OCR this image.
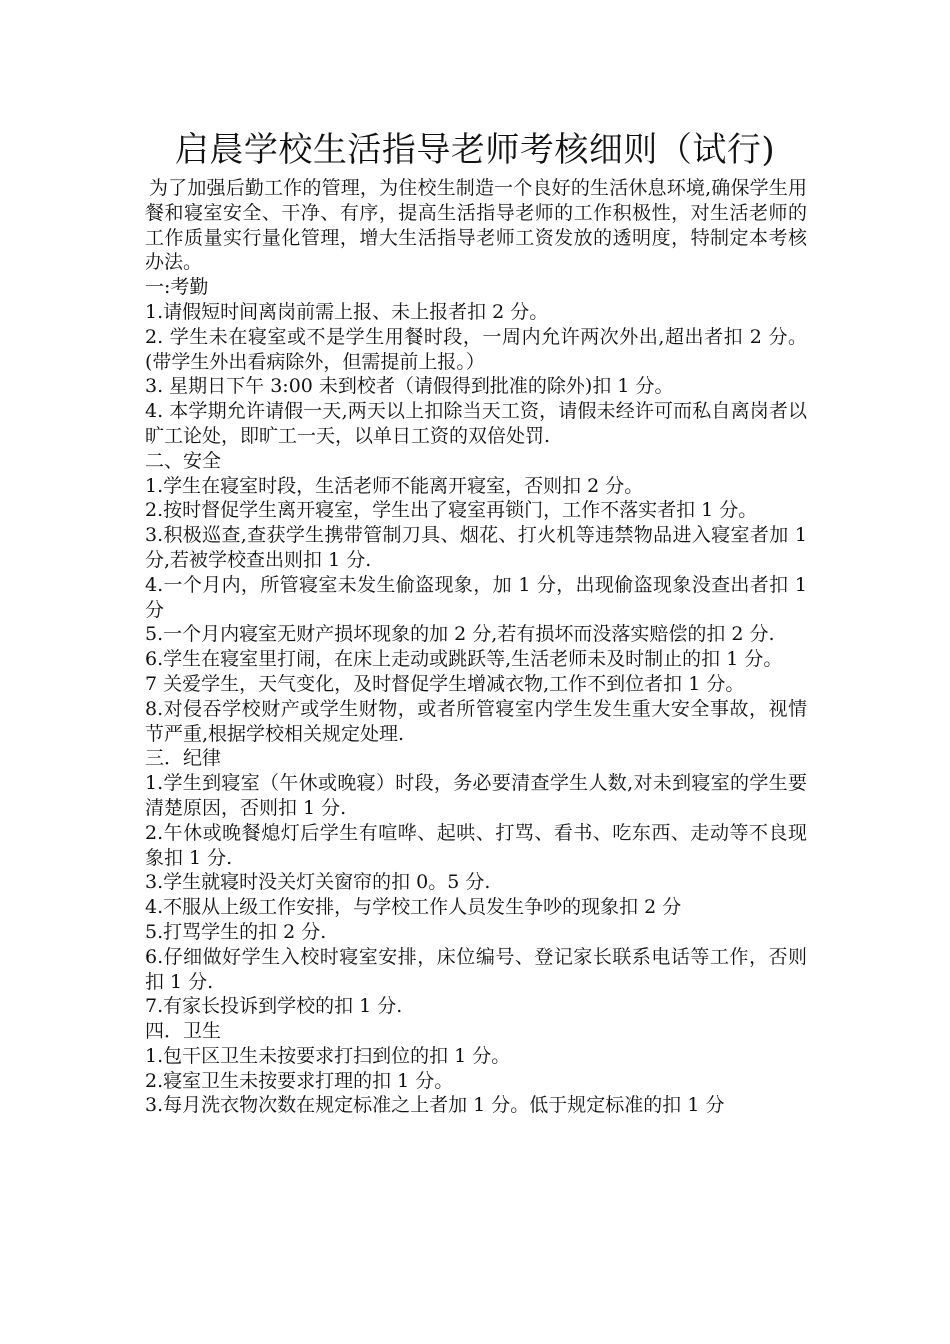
启晨学校生活指导老师考核细则（试行)

为了加强后勤工作的管理，为住校生制造一个良好的生活休息环境,确保学生用餐和寝室安全、干净、有序，提高生活指导老师的工作积极性，对生活老师的工作质量实行量化管理，增大生活指导老师工资发放的透明度，特制定本考核办法。

一:考勤

1.请假短时间离岗前需上报、未上报者扣 2 分。

2. 学生未在寝室或不是学生用餐时段，一周内允许两次外出,超出者扣 2 分。(带学生外出看病除外，但需提前上报。）

3. 星期日下午 3:00 未到校者（请假得到批准的除外)扣 1 分。

4. 本学期允许请假一天,两天以上扣除当天工资，请假未经许可而私自离岗者以旷工论处，即旷工一天，以单日工资的双倍处罚.

二、安全

1.学生在寝室时段，生活老师不能离开寝室，否则扣 2 分。

2.按时督促学生离开寝室，学生出了寝室再锁门，工作不落实者扣 1 分。

3.积极巡查,查获学生携带管制刀具、烟花、打火机等违禁物品进入寝室者加 1 分,若被学校查出则扣 1 分.

4.一个月内，所管寝室未发生偷盗现象，加 1 分，出现偷盗现象没查出者扣 1 分

5.一个月内寝室无财产损坏现象的加 2 分,若有损坏而没落实赔偿的扣 2 分.

6.学生在寝室里打闹，在床上走动或跳跃等,生活老师未及时制止的扣 1 分。

7 关爱学生，天气变化，及时督促学生增减衣物,工作不到位者扣 1 分。

8.对侵吞学校财产或学生财物，或者所管寝室内学生发生重大安全事故，视情节严重,根据学校相关规定处理.

三．纪律

1.学生到寝室（午休或晚寝）时段，务必要清查学生人数,对未到寝室的学生要清楚原因，否则扣 1 分.

2.午休或晚餐熄灯后学生有喧哗、起哄、打骂、看书、吃东西、走动等不良现象扣 1 分.

3.学生就寝时没关灯关窗帘的扣 0。5 分.

4.不服从上级工作安排，与学校工作人员发生争吵的现象扣 2 分

5.打骂学生的扣 2 分.

6.仔细做好学生入校时寝室安排，床位编号、登记家长联系电话等工作，否则扣 1 分.

7.有家长投诉到学校的扣 1 分.

四．卫生

1.包干区卫生未按要求打扫到位的扣 1 分。

2.寝室卫生未按要求打理的扣 1 分。

3.每月洗衣物次数在规定标准之上者加 1 分。低于规定标准的扣 1 分
